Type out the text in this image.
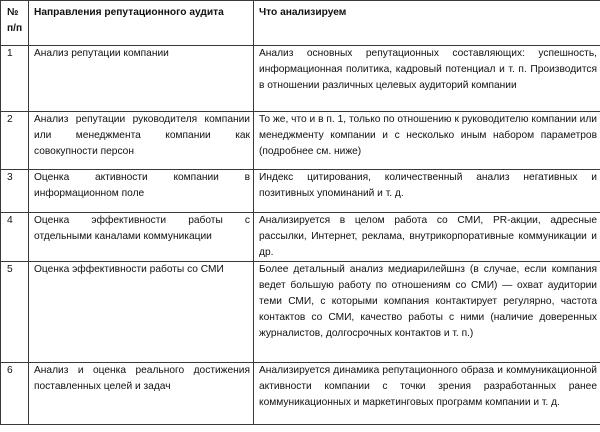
№
п/п	Направления репутационного аудита	Что анализируем
1	Анализ репутации компании	Анализ основных репутационных составляющих: успешность, информационная политика, кадровый потенциал и т. п. Производится в отношении различных целевых аудиторий компании
2	Анализ репутации руководителя компании или менеджмента компании как совокупности персон	То же, что и в п. 1, только по отношению к руководителю компании или менеджменту компании и с несколько иным набором параметров (подробнее см. ниже)
3	Оценка активности компании в информационном поле	Индекс цитирования, количественный анализ негативных и позитивных упоминаний и т. д.
4	Оценка эффективности работы с отдельными каналами коммуникации	Анализируется в целом работа со СМИ, PR-акции, адресные рассылки, Интернет, реклама, внутрикорпоративные коммуникации и др.
5	Оценка эффективности работы со СМИ	Более детальный анализ медиарилейшнз (в случае, если компания ведет большую работу по отношениям со СМИ) — охват аудитории теми СМИ, с которыми компания контактирует регулярно, частота контактов со СМИ, качество работы с ними (наличие доверенных журналистов, долгосрочных контактов и т. п.)
6	Анализ и оценка реального достижения поставленных целей и задач	Анализируется динамика репутационного образа и коммуникационной активности компании с точки зрения разработанных ранее коммуникационных и маркетинговых программ компании и т. д.
